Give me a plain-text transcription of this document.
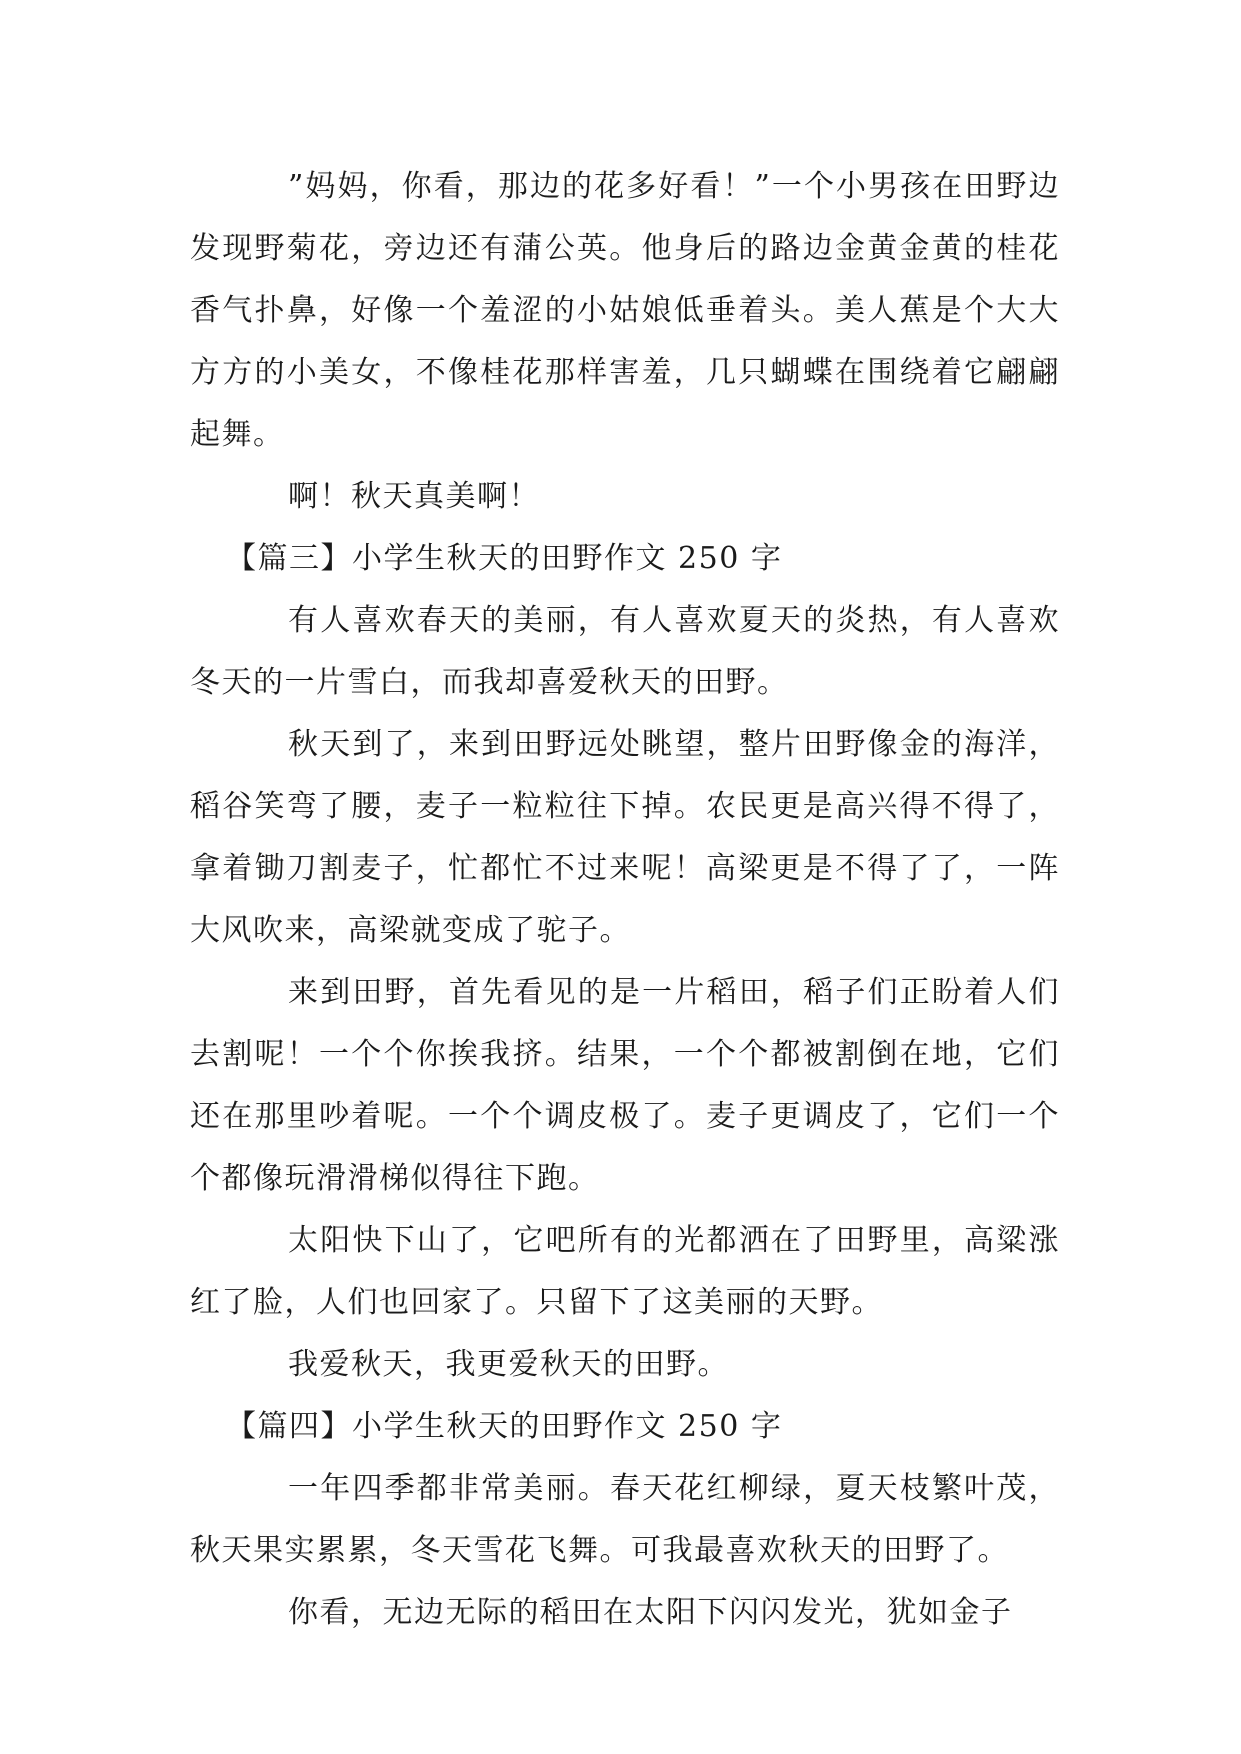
”妈妈，你看，那边的花多好看！”一个小男孩在田野边发现野菊花，旁边还有蒲公英。他身后的路边金黄金黄的桂花香气扑鼻，好像一个羞涩的小姑娘低垂着头。美人蕉是个大大方方的小美女，不像桂花那样害羞，几只蝴蝶在围绕着它翩翩起舞。

啊！秋天真美啊！

【篇三】小学生秋天的田野作文 250 字

有人喜欢春天的美丽，有人喜欢夏天的炎热，有人喜欢冬天的一片雪白，而我却喜爱秋天的田野。

秋天到了，来到田野远处眺望，整片田野像金的海洋，稻谷笑弯了腰，麦子一粒粒往下掉。农民更是高兴得不得了，拿着锄刀割麦子，忙都忙不过来呢！高梁更是不得了了，一阵大风吹来，高梁就变成了驼子。

来到田野，首先看见的是一片稻田，稻子们正盼着人们去割呢！一个个你挨我挤。结果，一个个都被割倒在地，它们还在那里吵着呢。一个个调皮极了。麦子更调皮了，它们一个个都像玩滑滑梯似得往下跑。

太阳快下山了，它吧所有的光都洒在了田野里，高粱涨红了脸，人们也回家了。只留下了这美丽的天野。

我爱秋天，我更爱秋天的田野。

【篇四】小学生秋天的田野作文 250 字

一年四季都非常美丽。春天花红柳绿，夏天枝繁叶茂，秋天果实累累，冬天雪花飞舞。可我最喜欢秋天的田野了。

你看，无边无际的稻田在太阳下闪闪发光，犹如金子
